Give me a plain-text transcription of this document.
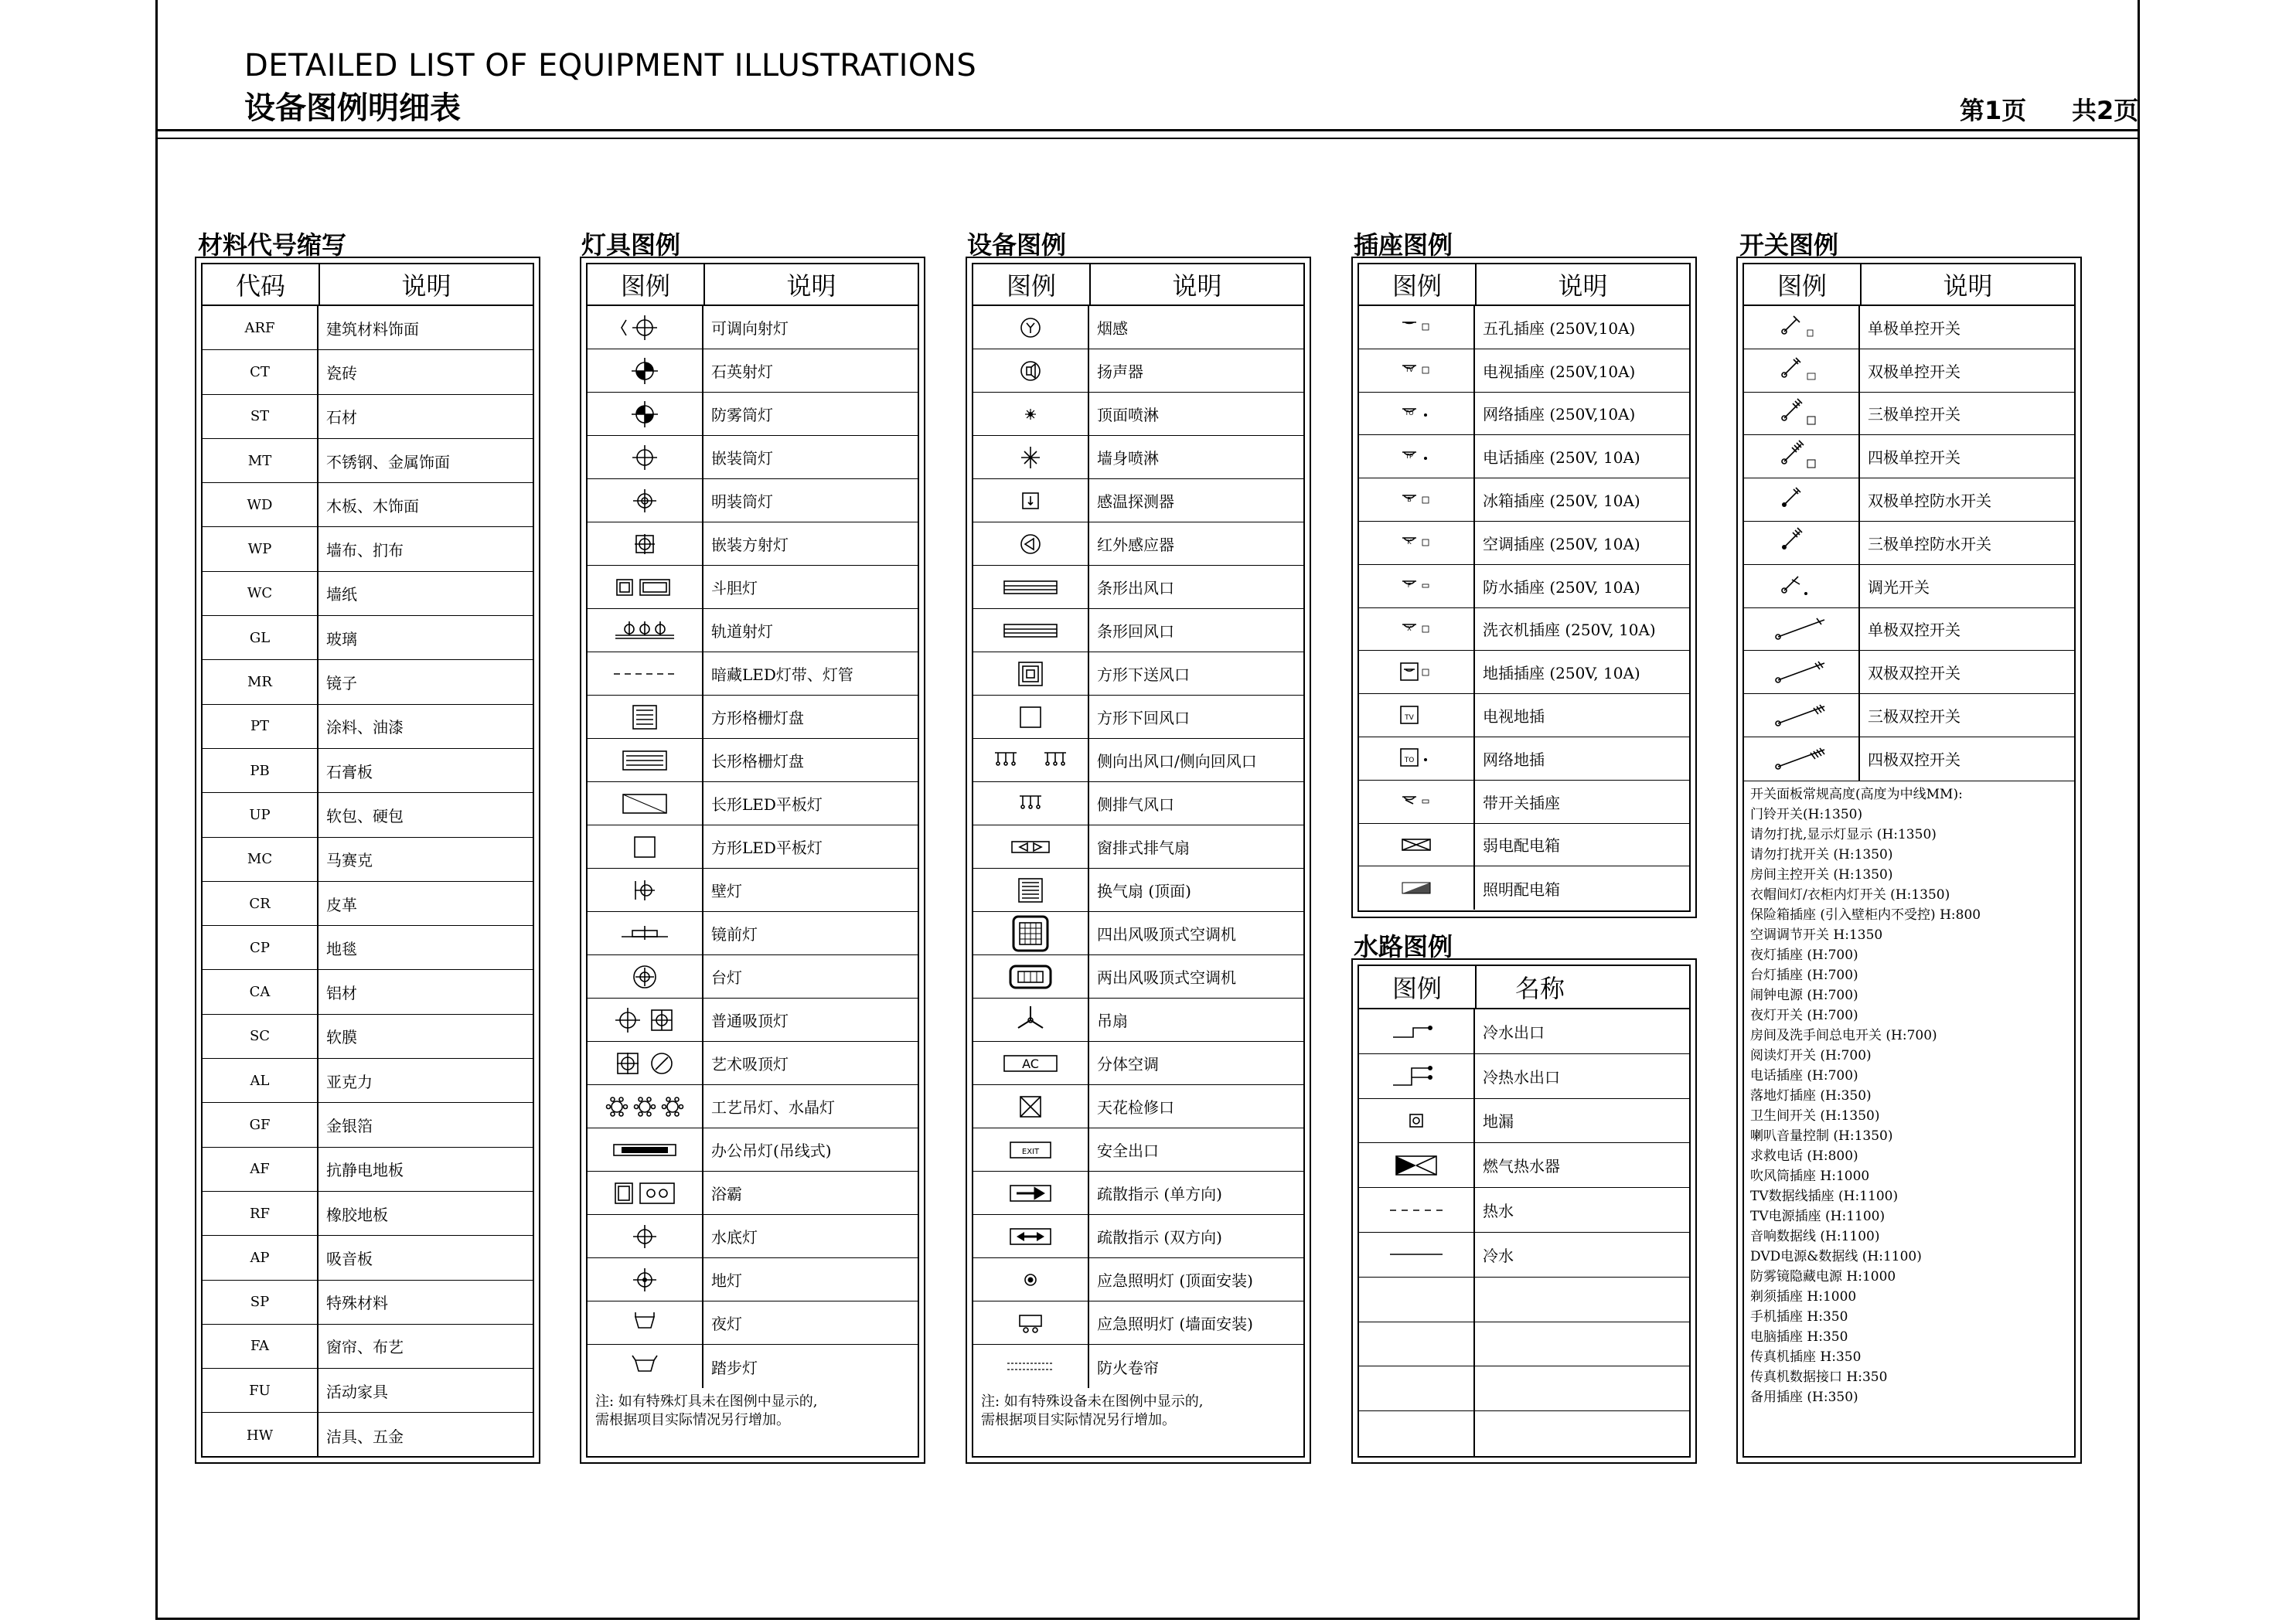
DETAILED LIST OF EQUIPMENT ILLUSTRATIONS
设备图例明细表	第1页 共2页
材料代号缩写	灯具图例	设备图例	插座图例
水路图例
开关图例
代码	说明
ARF	建筑材料饰面
CT	瓷砖
ST	石材
MT	不锈钢、金属饰面
WD	木板、木饰面
WP	墙布、扪布
WC	墙纸
GL	玻璃
MR	镜子
PT	涂料、油漆
PB	石膏板
UP	软包、硬包
MC	马赛克
CR	皮革
CP	地毯
CA	铝材
SC	软膜
AL	亚克力
GF	金银箔
AF	抗静电地板
RF	橡胶地板
AP	吸音板
SP	特殊材料
FA	窗帘、布艺
FU	活动家具
HW	洁具、五金
图例	说明
可调向射灯
石英射灯
防雾筒灯
嵌装筒灯
明装筒灯
嵌装方射灯
斗胆灯
轨道射灯
暗藏LED灯带、灯管
方形格栅灯盘
长形格栅灯盘
长形LED平板灯
方形LED平板灯
壁灯
镜前灯
台灯
普通吸顶灯
艺术吸顶灯
工艺吊灯、水晶灯
办公吊灯(吊线式)
浴霸
水底灯
地灯
夜灯
踏步灯
注: 如有特殊灯具未在图例中显示的,
需根据项目实际情况另行增加。
图例	说明
烟感
扬声器
顶面喷淋
墙身喷淋
感温探测器
红外感应器
条形出风口
条形回风口
方形下送风口
方形下回风口
侧向出风口/侧向回风口
侧排气风口
窗排式排气扇
换气扇 (顶面)
四出风吸顶式空调机
两出风吸顶式空调机
吊扇
AC	分体空调
天花检修口
EXIT	安全出口
疏散指示 (单方向)
疏散指示 (双方向)
应急照明灯 (顶面安装)
应急照明灯 (墙面安装)
防火卷帘
注: 如有特殊设备未在图例中显示的,
需根据项目实际情况另行增加。
图例	说明
五孔插座 (250V,10A)
TV	电视插座 (250V,10A)
TO	网络插座 (250V,10A)
TP	电话插座 (250V, 10A)
B	冰箱插座 (250V, 10A)
K	空调插座 (250V, 10A)
F	防水插座 (250V, 10A)
X	洗衣机插座 (250V, 10A)
地插插座 (250V, 10A)
TV	电视地插
TO	网络地插
带开关插座
弱电配电箱
照明配电箱
图例	名称
冷水出口
冷热水出口
地漏
燃气热水器
热水
冷水
图例	说明
单极单控开关
双极单控开关
三极单控开关
四极单控开关
双极单控防水开关
三极单控防水开关
调光开关
单极双控开关
双极双控开关
三极双控开关
四极双控开关
开关面板常规高度(高度为中线MM):
门铃开关(H:1350)
请勿打扰,显示灯显示 (H:1350)
请勿打扰开关 (H:1350)
房间主控开关 (H:1350)
衣帽间灯/衣柜内灯开关 (H:1350)
保险箱插座 (引入壁柜内不受控) H:800
空调调节开关 H:1350
夜灯插座 (H:700)
台灯插座 (H:700)
闹钟电源 (H:700)
夜灯开关 (H:700)
房间及洗手间总电开关 (H:700)
阅读灯开关 (H:700)
电话插座 (H:700)
落地灯插座 (H:350)
卫生间开关 (H:1350)
喇叭音量控制 (H:1350)
求救电话 (H:800)
吹风筒插座 H:1000
TV数据线插座 (H:1100)
TV电源插座 (H:1100)
音响数据线 (H:1100)
DVD电源&数据线 (H:1100)
防雾镜隐藏电源 H:1000
剃须插座 H:1000
手机插座 H:350
电脑插座 H:350
传真机插座 H:350
传真机数据接口 H:350
备用插座 (H:350)
